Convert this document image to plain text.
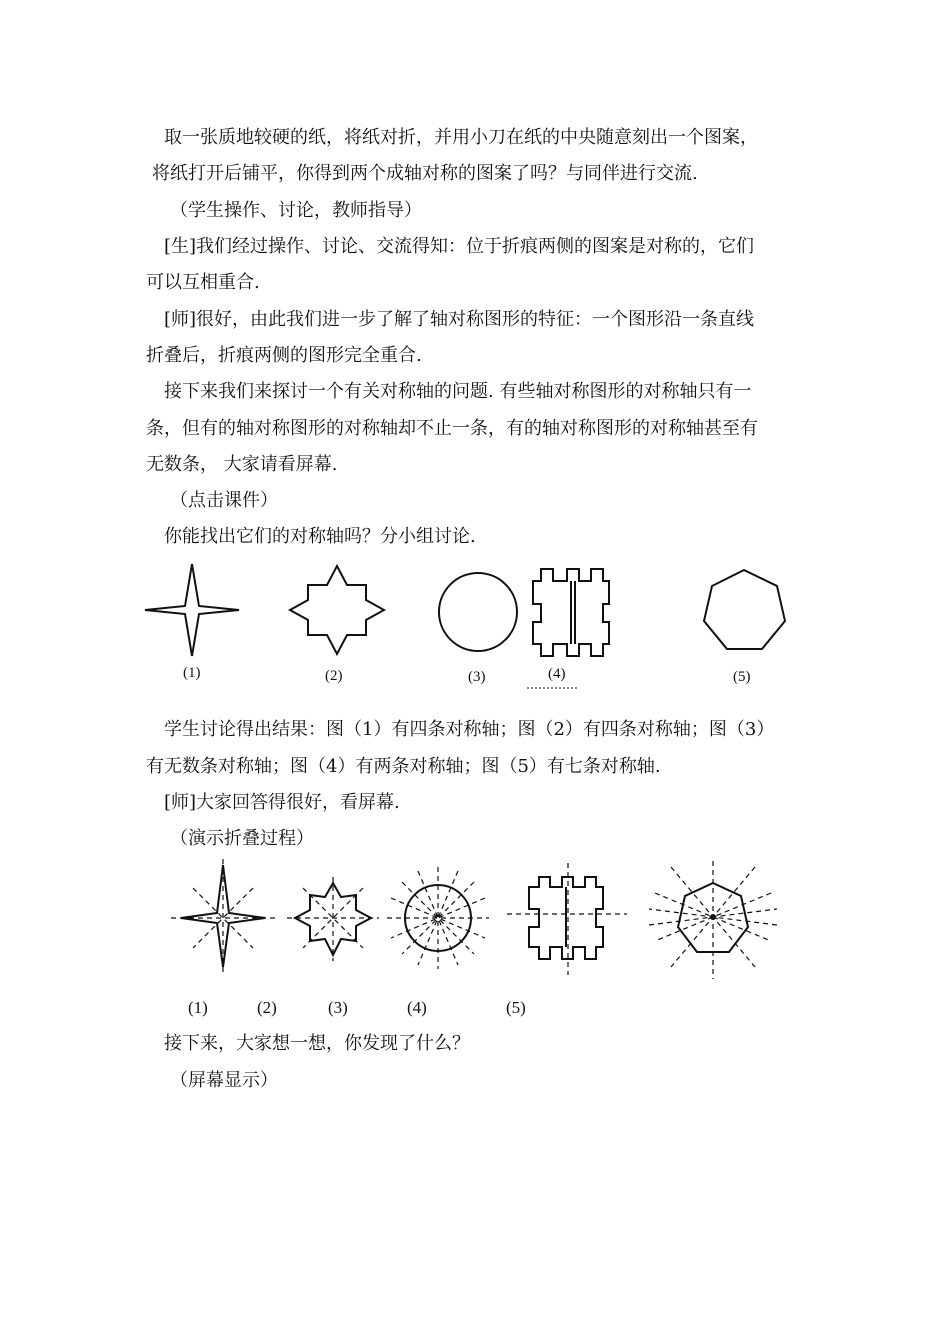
取一张质地较硬的纸，将纸对折，并用小刀在纸的中央随意刻出一个图案，
将纸打开后铺平，你得到两个成轴对称的图案了吗？与同伴进行交流.
（学生操作、讨论，教师指导）
[生]我们经过操作、讨论、交流得知：位于折痕两侧的图案是对称的，它们
可以互相重合.
[师]很好，由此我们进一步了解了轴对称图形的特征：一个图形沿一条直线
折叠后，折痕两侧的图形完全重合.
接下来我们来探讨一个有关对称轴的问题. 有些轴对称图形的对称轴只有一
条，但有的轴对称图形的对称轴却不止一条，有的轴对称图形的对称轴甚至有
无数条， 大家请看屏幕.
（点击课件）
你能找出它们的对称轴吗？分小组讨论.
(1)	(2)	(3)	(4)	(5)
学生讨论得出结果：图（1）有四条对称轴；图（2）有四条对称轴；图（3）
有无数条对称轴；图（4）有两条对称轴；图（5）有七条对称轴.
[师]大家回答得很好，看屏幕.
（演示折叠过程）
(1)	(2)	(3)	(4)	(5)
接下来，大家想一想，你发现了什么？
（屏幕显示）
